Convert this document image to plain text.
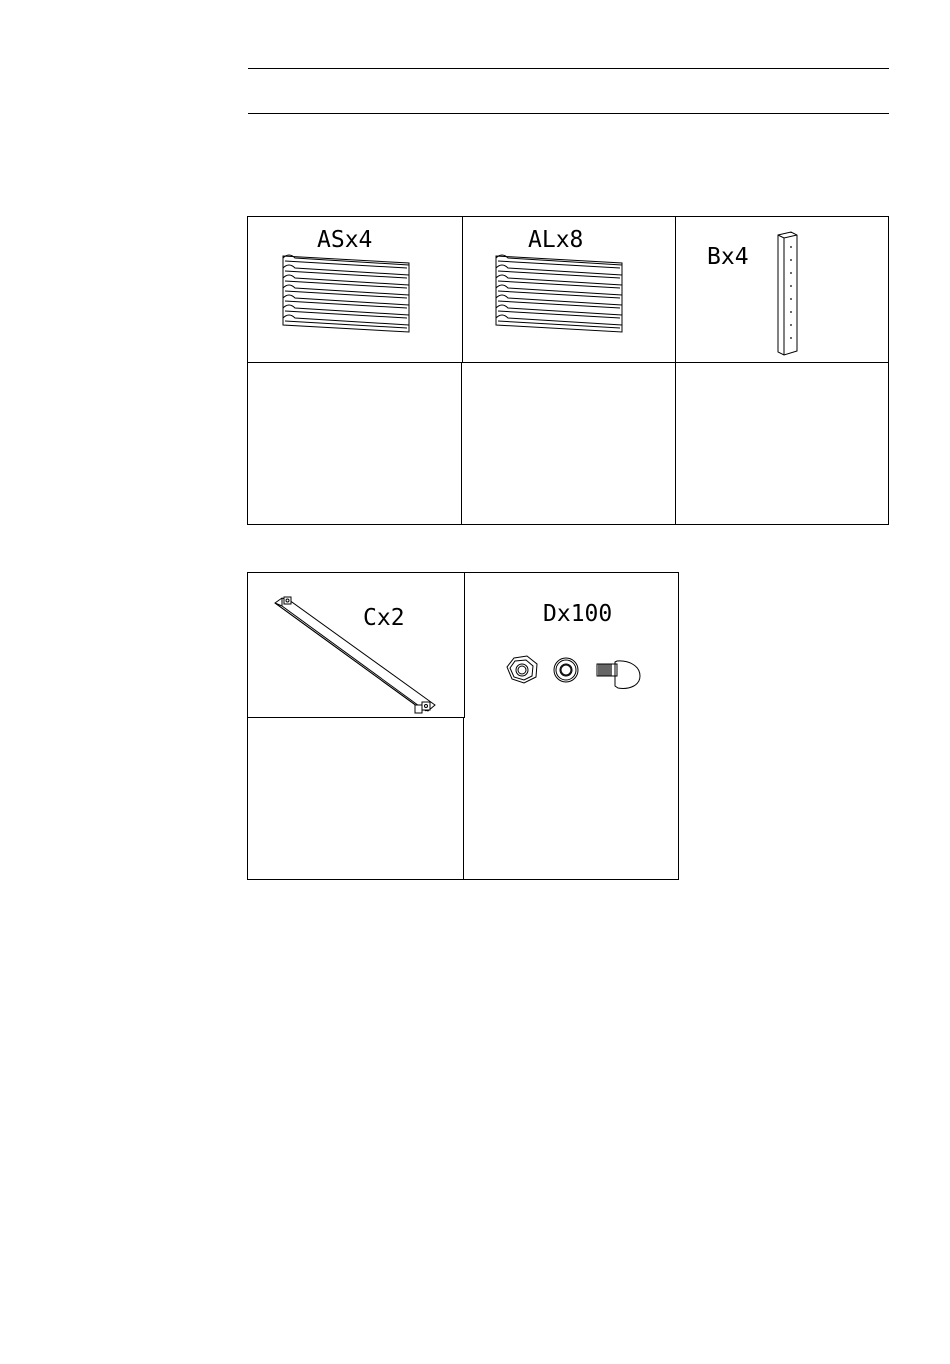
ASx4	ALx8
Bx4
Cx2	Dx100
